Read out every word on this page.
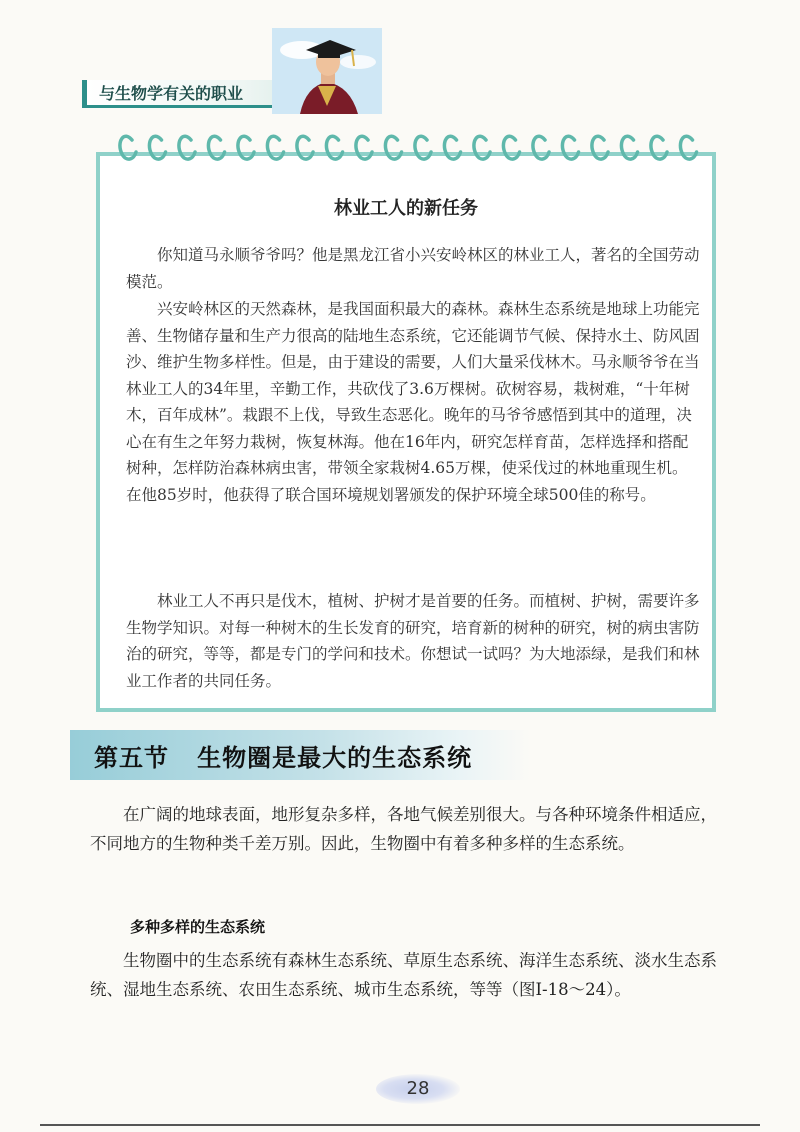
与生物学有关的职业
林业工人的新任务

你知道马永顺爷爷吗？他是黑龙江省小兴安岭林区的林业工人，著名的全国劳动模范。

兴安岭林区的天然森林，是我国面积最大的森林。森林生态系统是地球上功能完善、生物储存量和生产力很高的陆地生态系统，它还能调节气候、保持水土、防风固沙、维护生物多样性。但是，由于建设的需要，人们大量采伐林木。马永顺爷爷在当林业工人的34年里，辛勤工作，共砍伐了3.6万棵树。砍树容易，栽树难，“十年树木，百年成林”。栽跟不上伐，导致生态恶化。晚年的马爷爷感悟到其中的道理，决心在有生之年努力栽树，恢复林海。他在16年内，研究怎样育苗，怎样选择和搭配树种，怎样防治森林病虫害，带领全家栽树4.65万棵，使采伐过的林地重现生机。在他85岁时，他获得了联合国环境规划署颁发的保护环境全球500佳的称号。

林业工人不再只是伐木，植树、护树才是首要的任务。而植树、护树，需要许多生物学知识。对每一种树木的生长发育的研究，培育新的树种的研究，树的病虫害防治的研究，等等，都是专门的学问和技术。你想试一试吗？为大地添绿，是我们和林业工作者的共同任务。

第五节   生物圈是最大的生态系统

在广阔的地球表面，地形复杂多样，各地气候差别很大。与各种环境条件相适应，不同地方的生物种类千差万别。因此，生物圈中有着多种多样的生态系统。

多种多样的生态系统

生物圈中的生态系统有森林生态系统、草原生态系统、海洋生态系统、淡水生态系统、湿地生态系统、农田生态系统、城市生态系统，等等（图Ⅰ-18～24）。

28
